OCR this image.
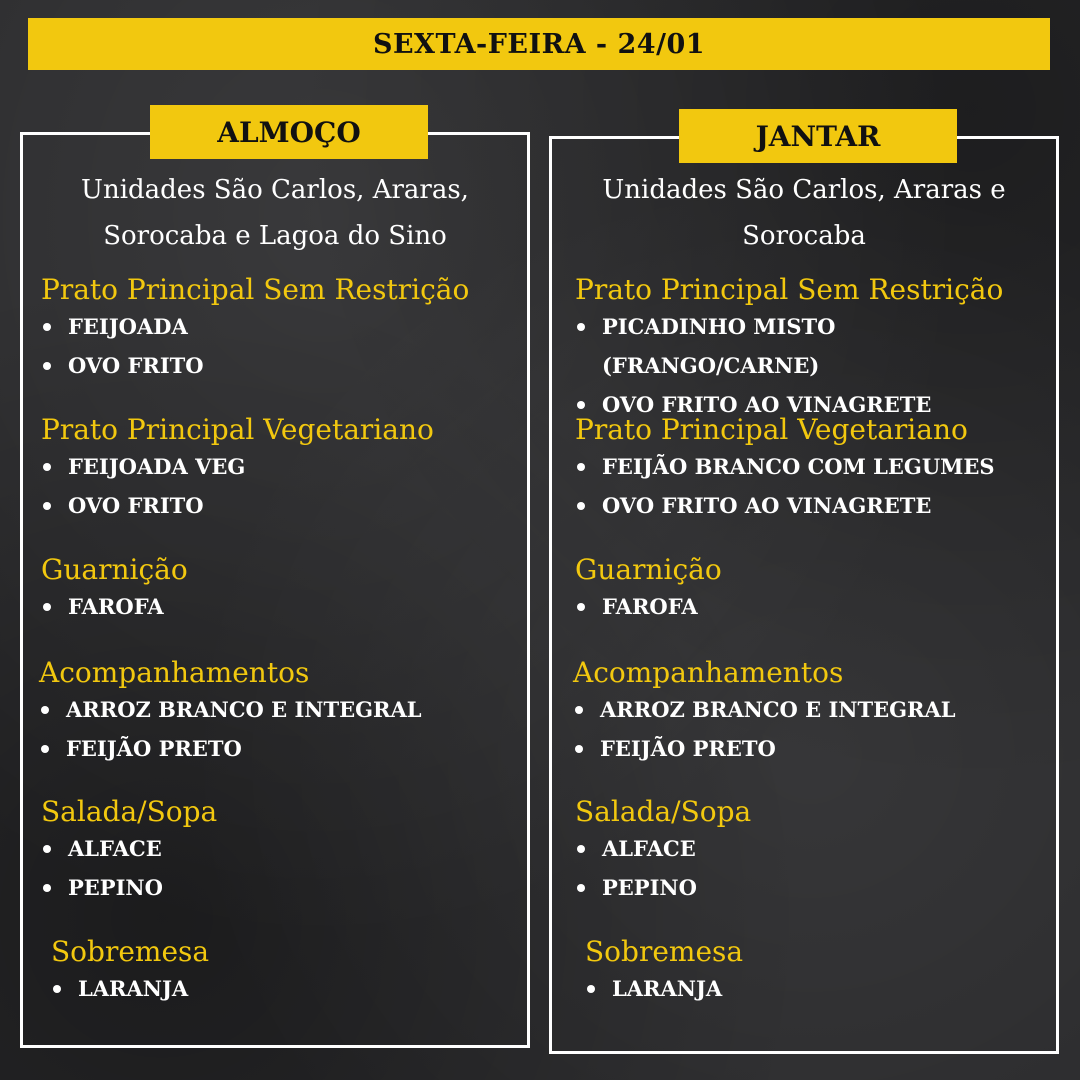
SEXTA-FEIRA - 24/01
ALMOÇO
Unidades São Carlos, Araras,
Sorocaba e Lagoa do Sino
Prato Principal Sem Restrição
FEIJOADA
OVO FRITO
Prato Principal Vegetariano
FEIJOADA VEG
OVO FRITO
Guarnição
FAROFA
Acompanhamentos
ARROZ BRANCO E INTEGRAL
FEIJÃO PRETO
Salada/Sopa
ALFACE
PEPINO
Sobremesa
LARANJA
JANTAR
Unidades São Carlos, Araras e
Sorocaba
Prato Principal Sem Restrição
PICADINHO MISTO
(FRANGO/CARNE)
OVO FRITO AO VINAGRETE
Prato Principal Vegetariano
FEIJÃO BRANCO COM LEGUMES
OVO FRITO AO VINAGRETE
Guarnição
FAROFA
Acompanhamentos
ARROZ BRANCO E INTEGRAL
FEIJÃO PRETO
Salada/Sopa
ALFACE
PEPINO
Sobremesa
LARANJA
